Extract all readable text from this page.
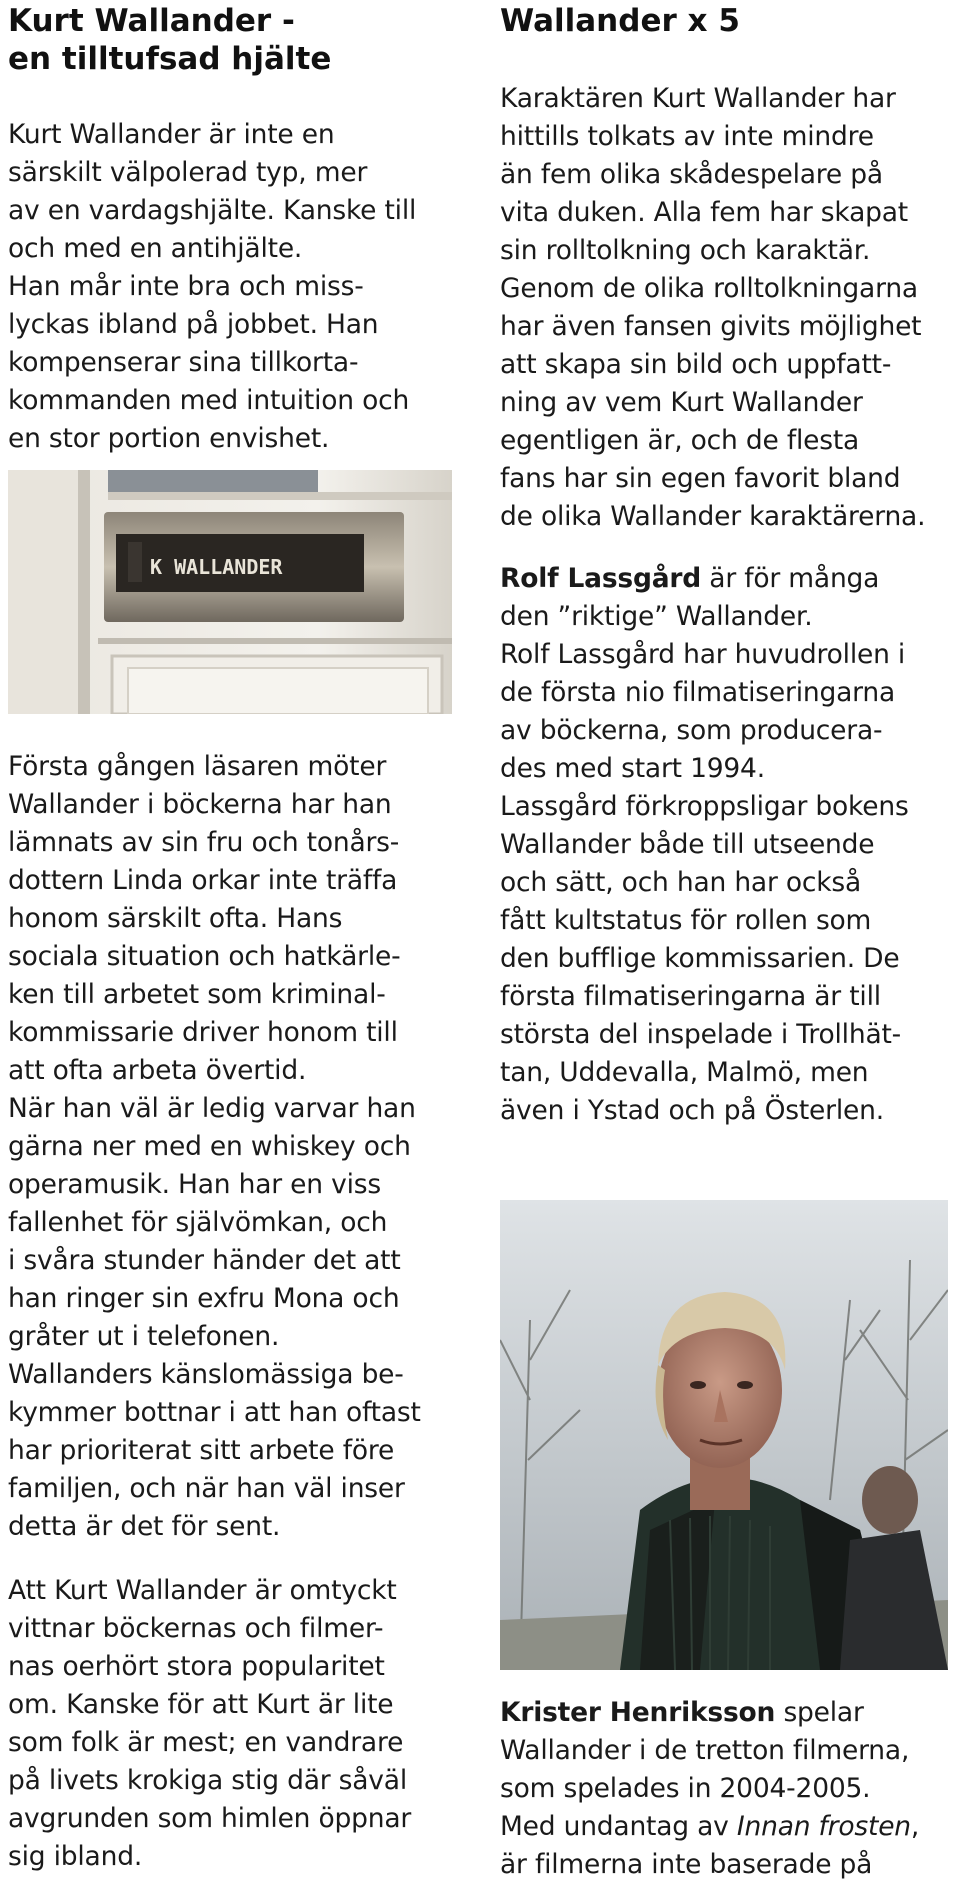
Kurt Wallander -
en tilltufsad hjälte

Kurt Wallander är inte en
särskilt välpolerad typ, mer
av en vardagshjälte. Kanske till
och med en antihjälte.
Han mår inte bra och miss-
lyckas ibland på jobbet. Han
kompenserar sina tillkorta-
kommanden med intuition och
en stor portion envishet.

K WALLANDER

Första gången läsaren möter
Wallander i böckerna har han
lämnats av sin fru och tonårs-
dottern Linda orkar inte träffa
honom särskilt ofta. Hans
sociala situation och hatkärle-
ken till arbetet som kriminal-
kommissarie driver honom till
att ofta arbeta övertid.
När han väl är ledig varvar han
gärna ner med en whiskey och
operamusik. Han har en viss
fallenhet för självömkan, och
i svåra stunder händer det att
han ringer sin exfru Mona och
gråter ut i telefonen.
Wallanders känslomässiga be-
kymmer bottnar i att han oftast
har prioriterat sitt arbete före
familjen, och när han väl inser
detta är det för sent.

Att Kurt Wallander är omtyckt
vittnar böckernas och filmer-
nas oerhört stora popularitet
om. Kanske för att Kurt är lite
som folk är mest; en vandrare
på livets krokiga stig där såväl
avgrunden som himlen öppnar
sig ibland.

Wallander x 5

Karaktären Kurt Wallander har
hittills tolkats av inte mindre
än fem olika skådespelare på
vita duken. Alla fem har skapat
sin rolltolkning och karaktär.
Genom de olika rolltolkningarna
har även fansen givits möjlighet
att skapa sin bild och uppfatt-
ning av vem Kurt Wallander
egentligen är, och de flesta
fans har sin egen favorit bland
de olika Wallander karaktärerna.

Rolf Lassgård är för många
den ”riktige” Wallander.
Rolf Lassgård har huvudrollen i
de första nio filmatiseringarna
av böckerna, som producera-
des med start 1994.
Lassgård förkroppsligar bokens
Wallander både till utseende
och sätt, och han har också
fått kultstatus för rollen som
den bufflige kommissarien. De
första filmatiseringarna är till
största del inspelade i Trollhät-
tan, Uddevalla, Malmö, men
även i Ystad och på Österlen.

Krister Henriksson spelar
Wallander i de tretton filmerna,
som spelades in 2004-2005.
Med undantag av Innan frosten,
är filmerna inte baserade på
